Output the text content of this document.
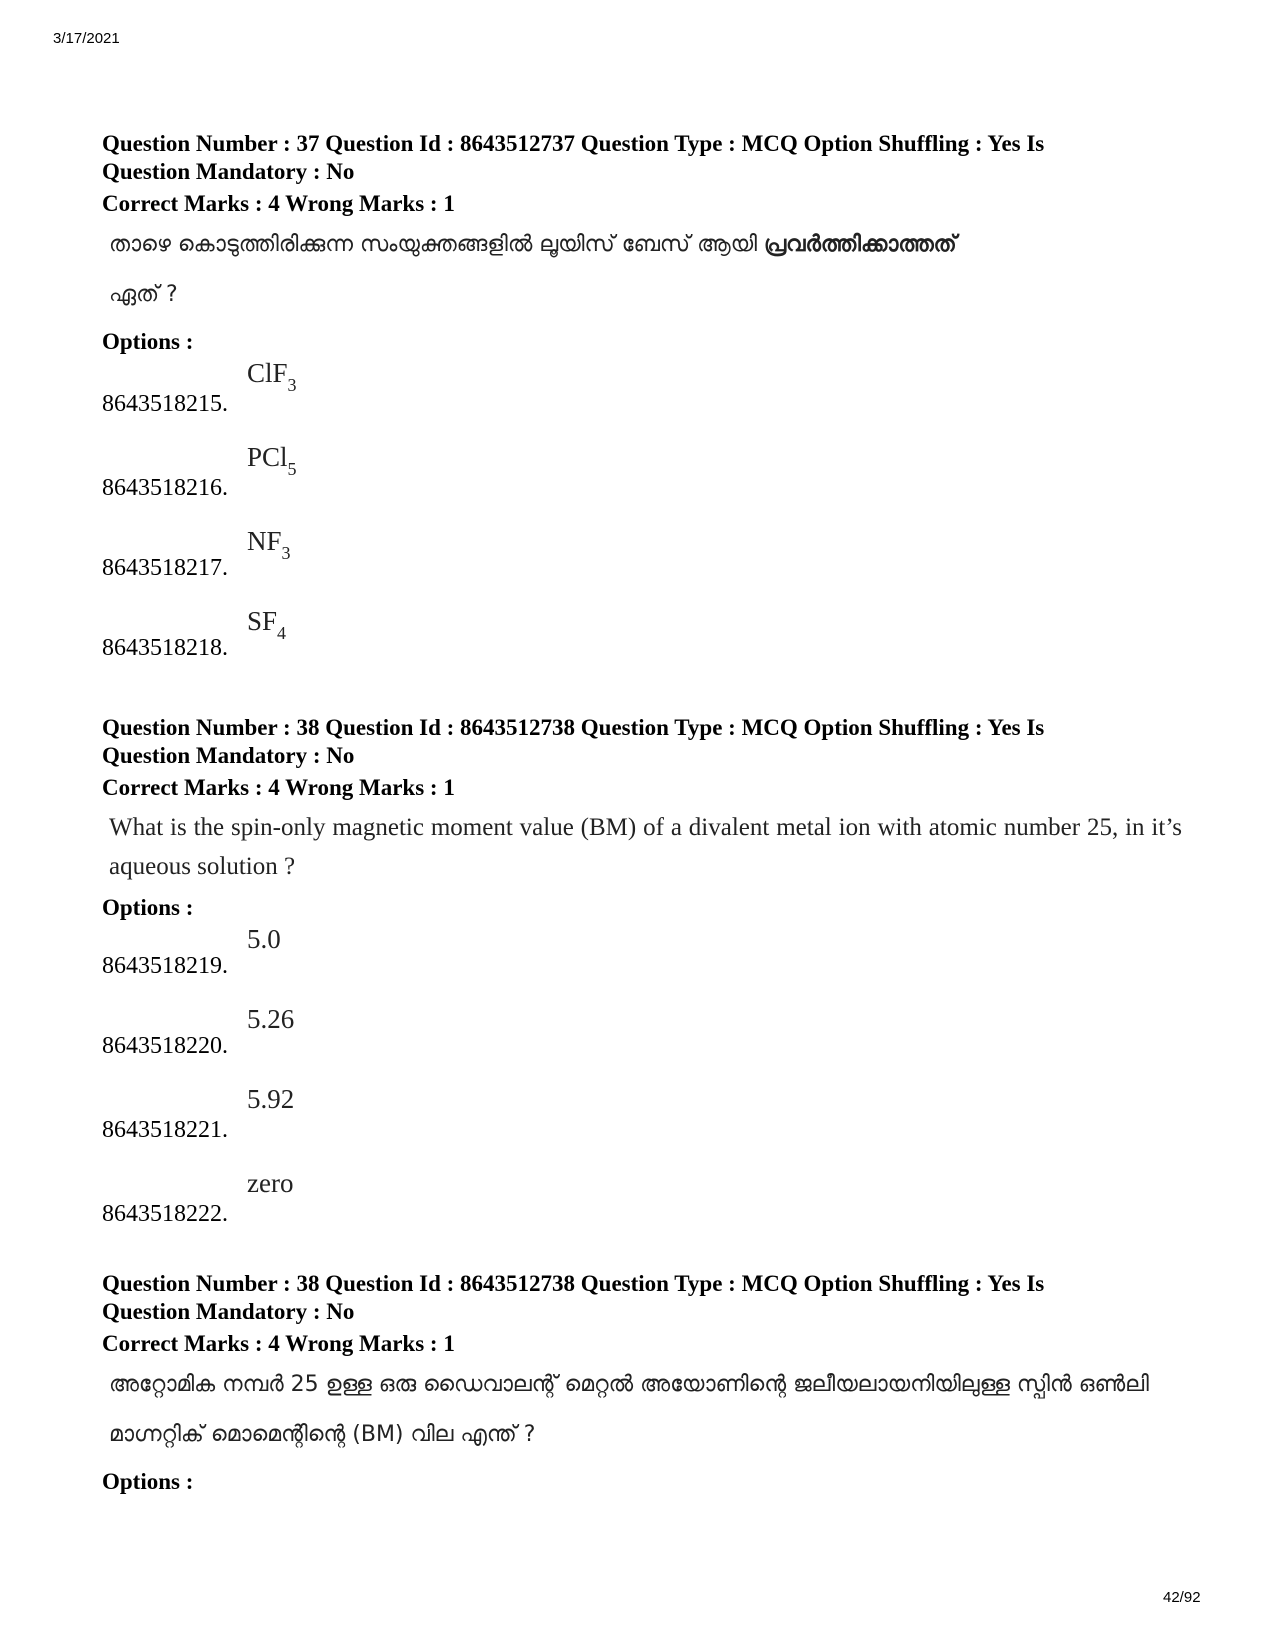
3/17/2021
Question Number : 37 Question Id : 8643512737 Question Type : MCQ Option Shuffling : Yes Is
Question Mandatory : No
Correct Marks : 4 Wrong Marks : 1
താഴെ കൊടുത്തിരിക്കുന്ന സംയുക്തങ്ങളിൽ ലൂയിസ് ബേസ് ആയി പ്രവർത്തിക്കാത്തത്
ഏത് ?
Options :
8643518215.
ClF$_3$
8643518216.
PCl$_5$
8643518217.
$NF_3$
8643518218.
$SF_4$
Question Number : 38 Question Id : 8643512738 Question Type : MCQ Option Shuffling : Yes Is
Question Mandatory : No
Correct Marks : 4 Wrong Marks : 1
What is the spin-only magnetic moment value (BM) of a divalent metal ion with atomic number 25, in it’s aqueous solution ?
Options :
8643518219.
5.0
8643518220.
5.26
8643518221.
5.92
8643518222.
zero
Question Number : 38 Question Id : 8643512738 Question Type : MCQ Option Shuffling : Yes Is
Question Mandatory : No
Correct Marks : 4 Wrong Marks : 1
അറ്റോമിക നമ്പർ 25 ഉള്ള ഒരു ഡൈവാലന്റ് മെറ്റൽ അയോണിന്റെ ജലീയലായനിയിലുള്ള സ്പിൻ ഒൺലി മാഗ്നറ്റിക് മൊമെന്റിന്റെ (BM) വില എന്ത് ?
Options :
42/92
